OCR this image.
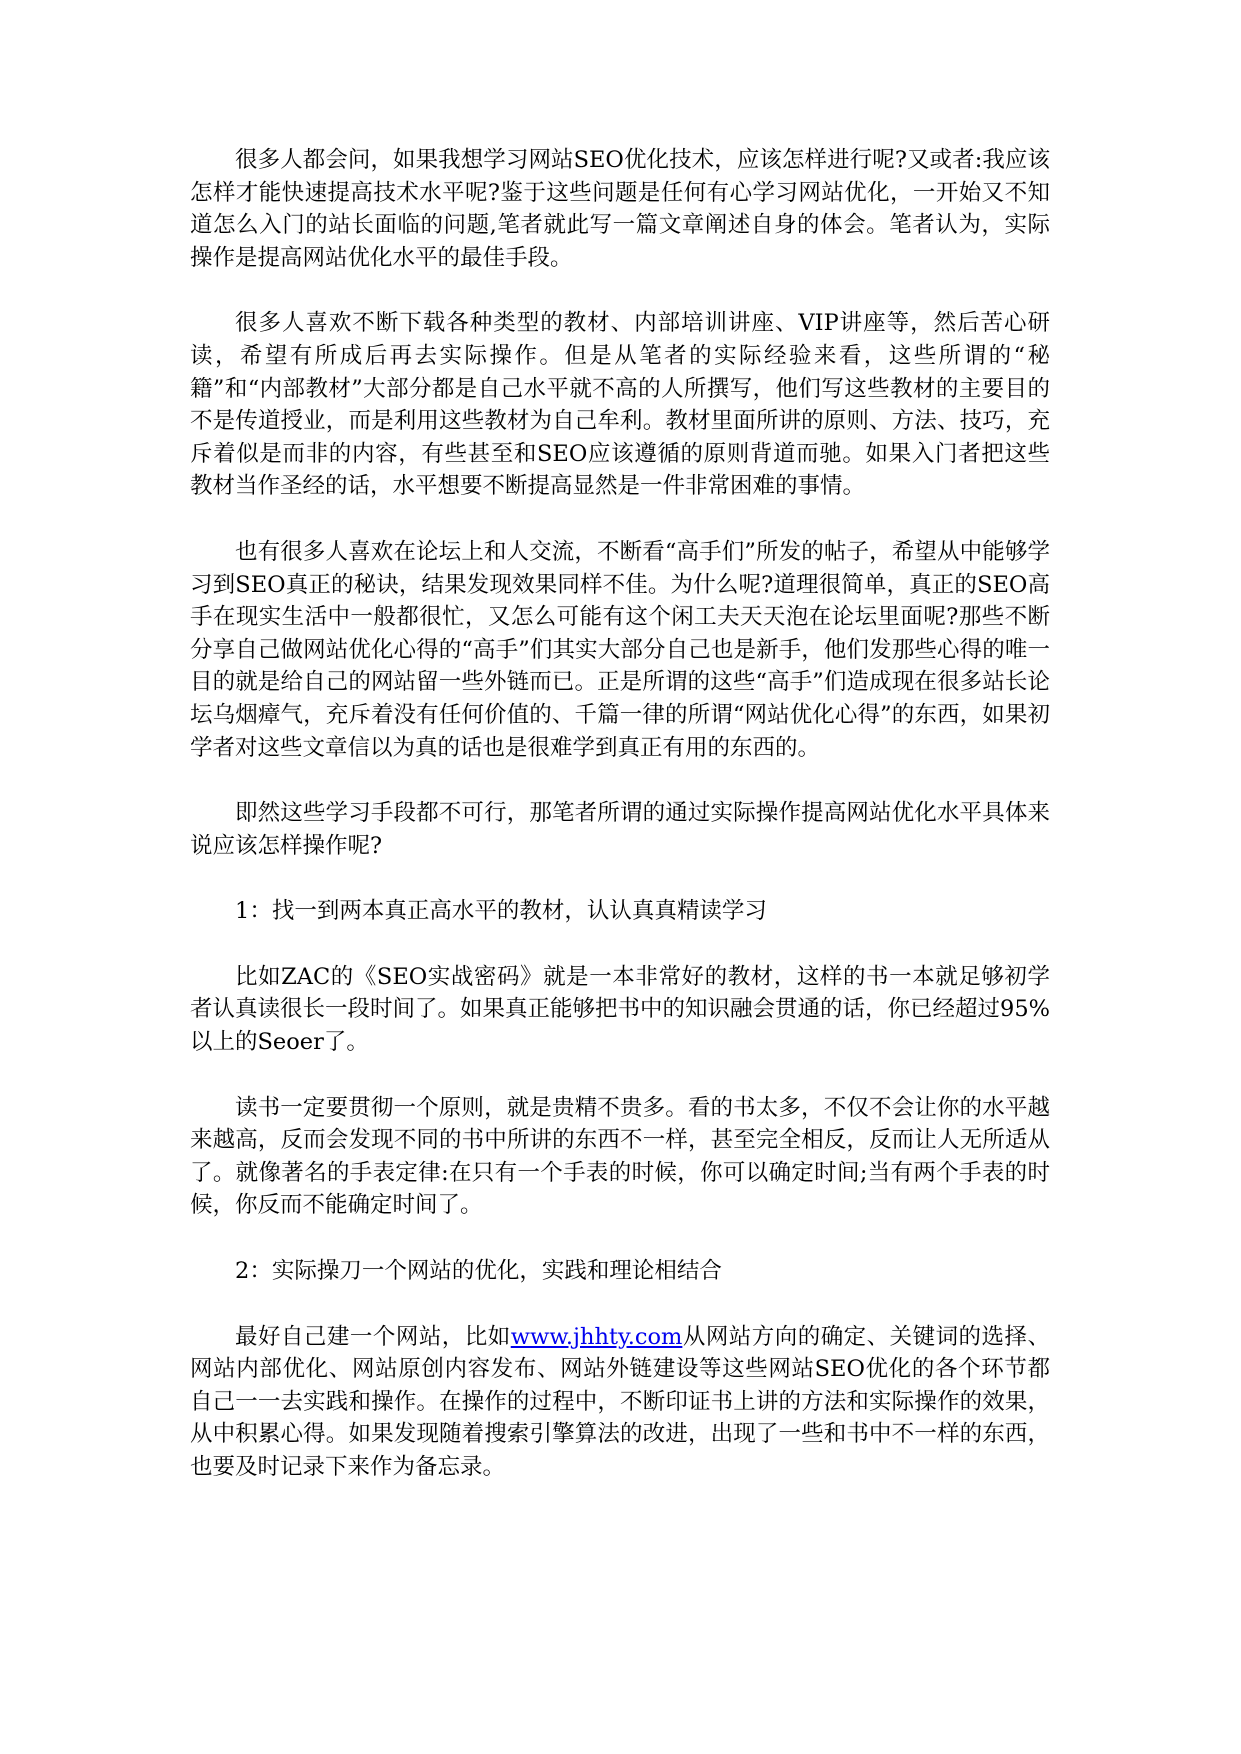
很多人都会问，如果我想学习网站SEO优化技术，应该怎样进行呢?又或者:我应该怎样才能快速提高技术水平呢?鉴于这些问题是任何有心学习网站优化，一开始又不知道怎么入门的站长面临的问题,笔者就此写一篇文章阐述自身的体会。笔者认为，实际操作是提高网站优化水平的最佳手段。

很多人喜欢不断下载各种类型的教材、内部培训讲座、VIP讲座等，然后苦心研读，希望有所成后再去实际操作。但是从笔者的实际经验来看，这些所谓的“秘籍”和“内部教材”大部分都是自己水平就不高的人所撰写，他们写这些教材的主要目的不是传道授业，而是利用这些教材为自己牟利。教材里面所讲的原则、方法、技巧，充斥着似是而非的内容，有些甚至和SEO应该遵循的原则背道而驰。如果入门者把这些教材当作圣经的话，水平想要不断提高显然是一件非常困难的事情。

也有很多人喜欢在论坛上和人交流，不断看“高手们”所发的帖子，希望从中能够学习到SEO真正的秘诀，结果发现效果同样不佳。为什么呢?道理很简单，真正的SEO高手在现实生活中一般都很忙，又怎么可能有这个闲工夫天天泡在论坛里面呢?那些不断分享自己做网站优化心得的“高手”们其实大部分自己也是新手，他们发那些心得的唯一目的就是给自己的网站留一些外链而已。正是所谓的这些“高手”们造成现在很多站长论坛乌烟瘴气，充斥着没有任何价值的、千篇一律的所谓“网站优化心得”的东西，如果初学者对这些文章信以为真的话也是很难学到真正有用的东西的。

即然这些学习手段都不可行，那笔者所谓的通过实际操作提高网站优化水平具体来说应该怎样操作呢?

1：找一到两本真正高水平的教材，认认真真精读学习

比如ZAC的《SEO实战密码》就是一本非常好的教材，这样的书一本就足够初学者认真读很长一段时间了。如果真正能够把书中的知识融会贯通的话，你已经超过95%以上的Seoer了。

读书一定要贯彻一个原则，就是贵精不贵多。看的书太多，不仅不会让你的水平越来越高，反而会发现不同的书中所讲的东西不一样，甚至完全相反，反而让人无所适从了。就像著名的手表定律:在只有一个手表的时候，你可以确定时间;当有两个手表的时候，你反而不能确定时间了。

2：实际操刀一个网站的优化，实践和理论相结合

最好自己建一个网站，比如www.jhhty.com从网站方向的确定、关键词的选择、网站内部优化、网站原创内容发布、网站外链建设等这些网站SEO优化的各个环节都自己一一去实践和操作。在操作的过程中，不断印证书上讲的方法和实际操作的效果，从中积累心得。如果发现随着搜索引擎算法的改进，出现了一些和书中不一样的东西，也要及时记录下来作为备忘录。
